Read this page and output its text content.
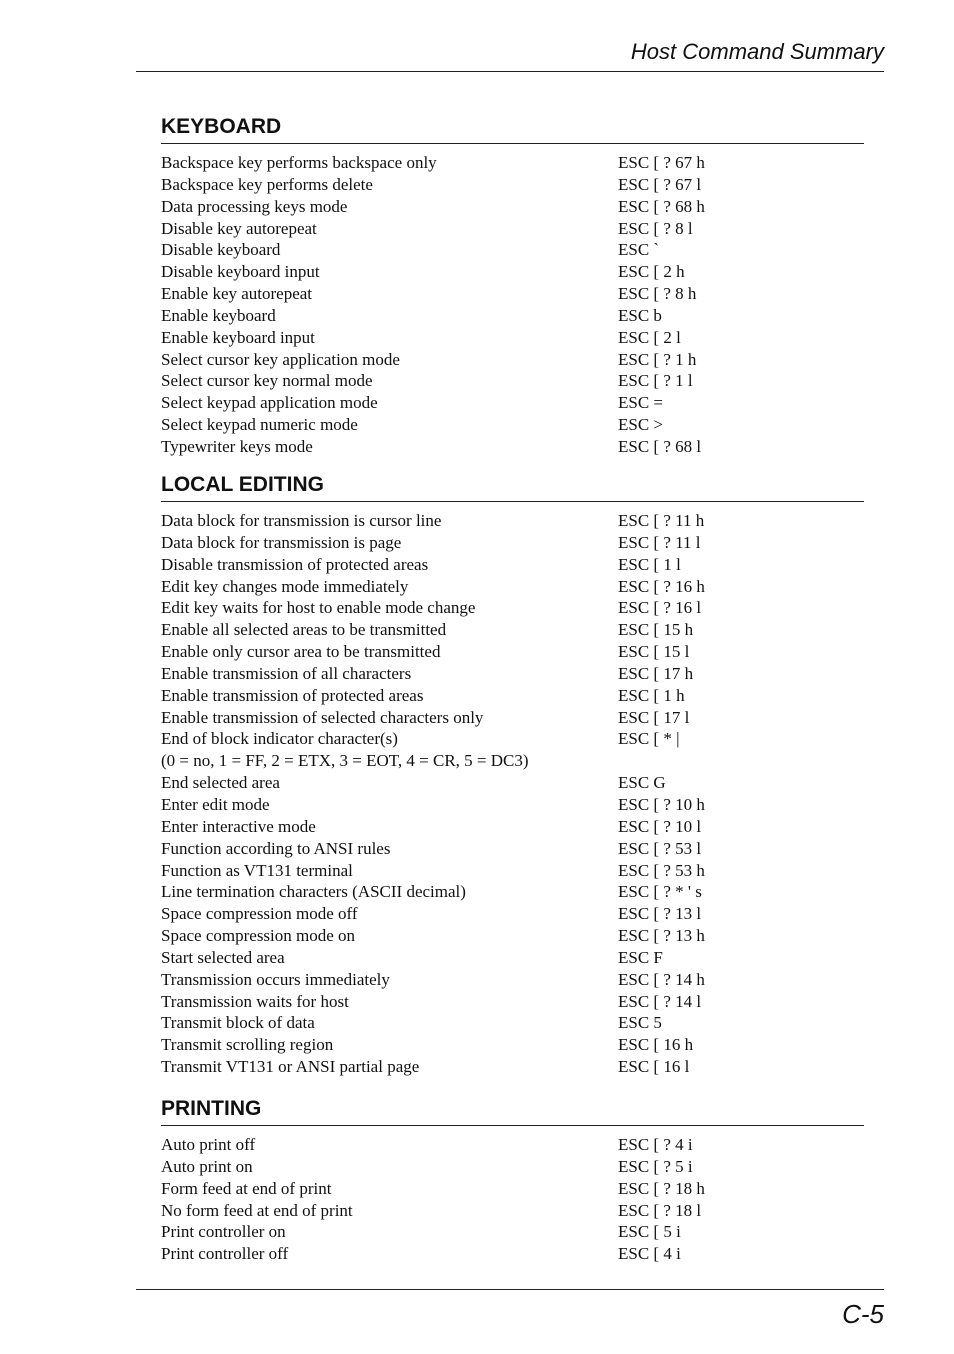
Host Command Summary
KEYBOARD
Backspace key performs backspace only	ESC [ ? 67 h
Backspace key performs delete	ESC [ ? 67 l
Data processing keys mode	ESC [ ? 68 h
Disable key autorepeat	ESC [ ? 8 l
Disable keyboard	ESC `
Disable keyboard input	ESC [ 2 h
Enable key autorepeat	ESC [ ? 8 h
Enable keyboard	ESC b
Enable keyboard input	ESC [ 2 l
Select cursor key application mode	ESC [ ? 1 h
Select cursor key normal mode	ESC [ ? 1 l
Select keypad application mode	ESC =
Select keypad numeric mode	ESC >
Typewriter keys mode	ESC [ ? 68 l
LOCAL EDITING
Data block for transmission is cursor line	ESC [ ? 11 h
Data block for transmission is page	ESC [ ? 11 l
Disable transmission of protected areas	ESC [ 1 l
Edit key changes mode immediately	ESC [ ? 16 h
Edit key waits for host to enable mode change	ESC [ ? 16 l
Enable all selected areas to be transmitted	ESC [ 15 h
Enable only cursor area to be transmitted	ESC [ 15 l
Enable transmission of all characters	ESC [ 17 h
Enable transmission of protected areas	ESC [ 1 h
Enable transmission of selected characters only	ESC [ 17 l
End of block indicator character(s)	ESC [ * |
(0 = no, 1 = FF, 2 = ETX, 3 = EOT, 4 = CR, 5 = DC3)
End selected area	ESC G
Enter edit mode	ESC [ ? 10 h
Enter interactive mode	ESC [ ? 10 l
Function according to ANSI rules	ESC [ ? 53 l
Function as VT131 terminal	ESC [ ? 53 h
Line termination characters (ASCII decimal)	ESC [ ? * ' s
Space compression mode off	ESC [ ? 13 l
Space compression mode on	ESC [ ? 13 h
Start selected area	ESC F
Transmission occurs immediately	ESC [ ? 14 h
Transmission waits for host	ESC [ ? 14 l
Transmit block of data	ESC 5
Transmit scrolling region	ESC [ 16 h
Transmit VT131 or ANSI partial page	ESC [ 16 l
PRINTING
Auto print off	ESC [ ? 4 i
Auto print on	ESC [ ? 5 i
Form feed at end of print	ESC [ ? 18 h
No form feed at end of print	ESC [ ? 18 l
Print controller on	ESC [ 5 i
Print controller off	ESC [ 4 i
C-5
